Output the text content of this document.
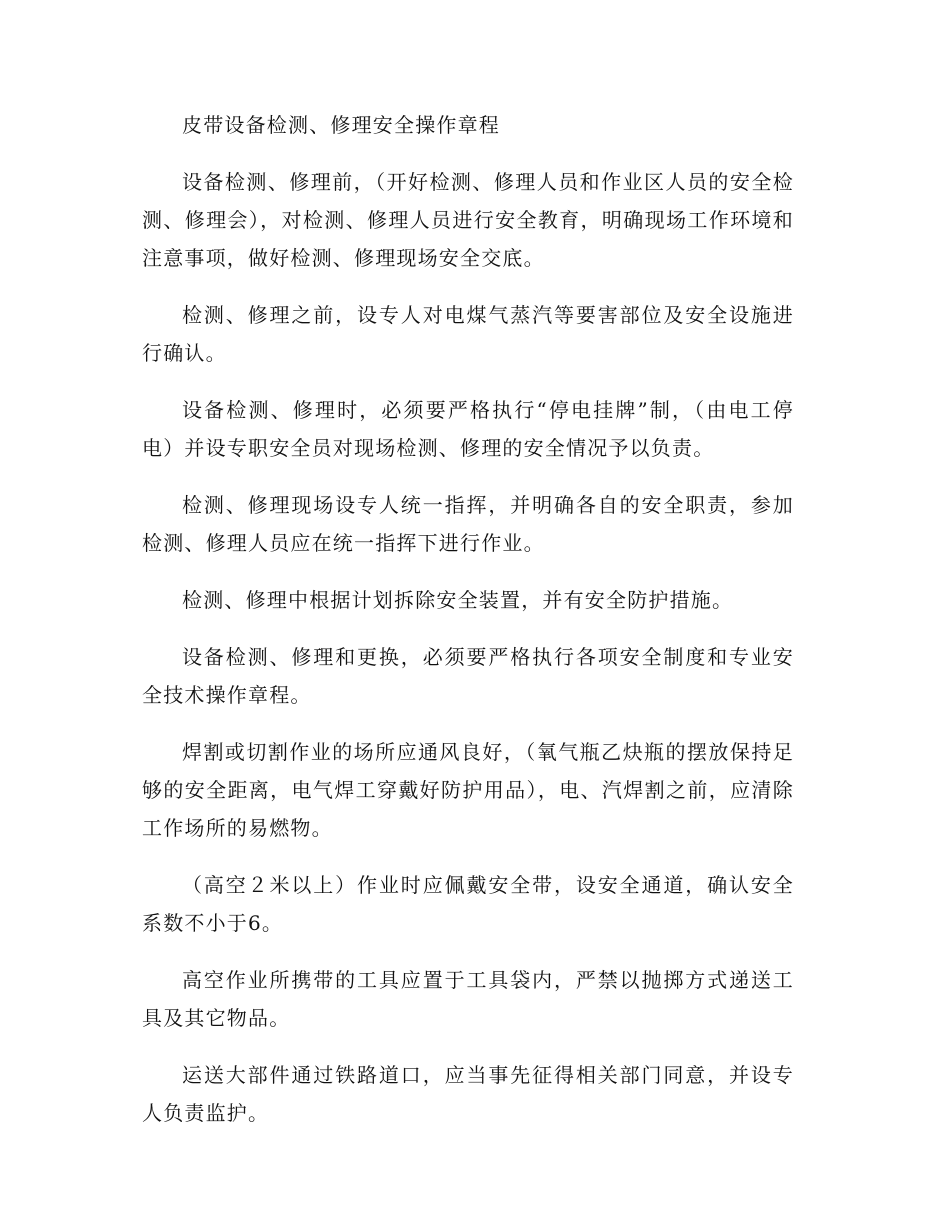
皮带设备检测、修理安全操作章程

设备检测、修理前，（开好检测、修理人员和作业区人员的安全检测、修理会），对检测、修理人员进行安全教育，明确现场工作环境和注意事项，做好检测、修理现场安全交底。

检测、修理之前，设专人对电煤气蒸汽等要害部位及安全设施进行确认。

设备检测、修理时，必须要严格执行“停电挂牌”制，（由电工停电）并设专职安全员对现场检测、修理的安全情况予以负责。

检测、修理现场设专人统一指挥，并明确各自的安全职责，参加检测、修理人员应在统一指挥下进行作业。

检测、修理中根据计划拆除安全装置，并有安全防护措施。

设备检测、修理和更换，必须要严格执行各项安全制度和专业安全技术操作章程。

焊割或切割作业的场所应通风良好，（氧气瓶乙炔瓶的摆放保持足够的安全距离，电气焊工穿戴好防护用品），电、汽焊割之前，应清除工作场所的易燃物。

（高空２米以上）作业时应佩戴安全带，设安全通道，确认安全系数不小于6。

高空作业所携带的工具应置于工具袋内，严禁以抛掷方式递送工具及其它物品。

运送大部件通过铁路道口，应当事先征得相关部门同意，并设专人负责监护。
